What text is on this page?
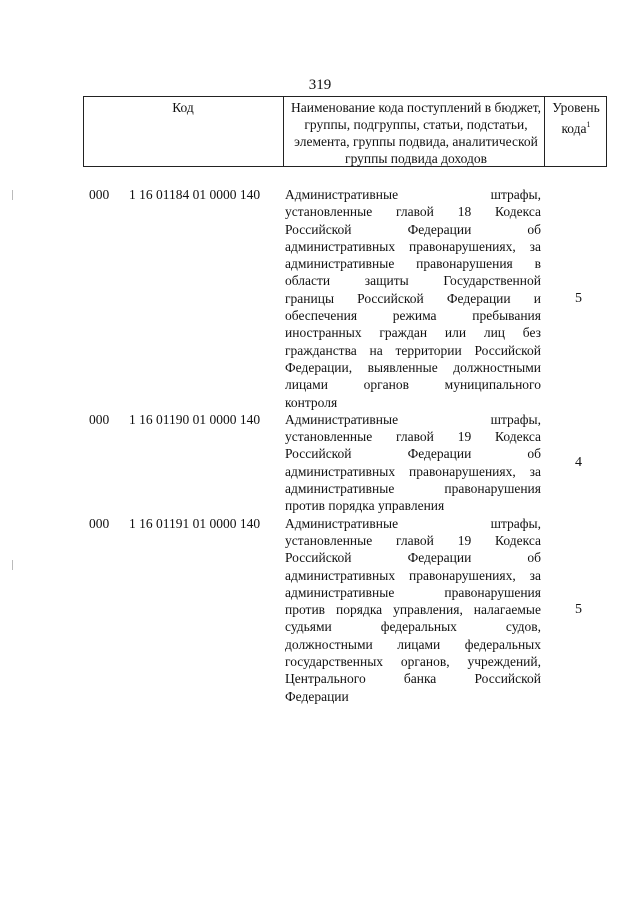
319
Код	Наименование кода поступлений в бюджет, группы, подгруппы, статьи, подстатьи, элемента, группы подвида, аналитической группы подвида доходов
Уровень кода$^1$
000 1 16 01184 01 0000 140 Административные штрафы,
установленные главой 18 Кодекса
Российской Федерации об
административных правонарушениях, за
административные правонарушения в
области защиты Государственной
границы Российской Федерации и
обеспечения режима пребывания
иностранных граждан или лиц без
гражданства на территории Российской
Федерации, выявленные должностными
лицами органов муниципального
контроля
5
000 1 16 01190 01 0000 140 Административные штрафы,
установленные главой 19 Кодекса
Российской Федерации об
административных правонарушениях, за
административные правонарушения
против порядка управления
4
000 1 16 01191 01 0000 140 Административные штрафы,
установленные главой 19 Кодекса
Российской Федерации об
административных правонарушениях, за
административные правонарушения
против порядка управления, налагаемые
судьями федеральных судов,
должностными лицами федеральных
государственных органов, учреждений,
Центрального банка Российской
Федерации
5
